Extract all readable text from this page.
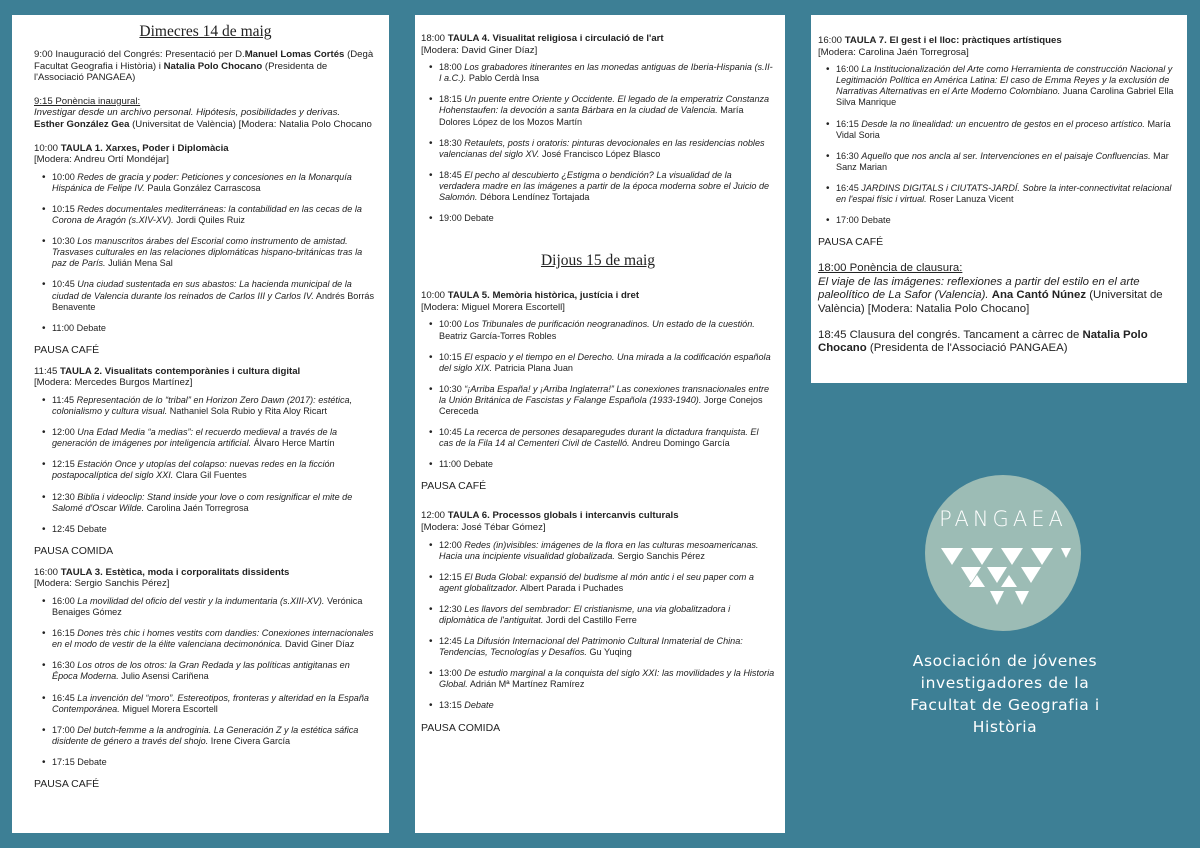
Dimecres 14 de maig

9:00 Inauguració del Congrés: Presentació per D.Manuel Lomas Cortés (Degà Facultat Geografia i Història) i Natalia Polo Chocano (Presidenta de l'Associació PANGAEA)

9:15 Ponència inaugural:
Investigar desde un archivo personal. Hipótesis, posibilidades y derivas.
Esther González Gea (Universitat de València) [Modera: Natalia Polo Chocano

10:00 TAULA 1. Xarxes, Poder i Diplomàcia
[Modera: Andreu Ortí Mondéjar]
• 10:00 Redes de gracia y poder: Peticiones y concesiones en la Monarquía Hispánica de Felipe IV. Paula González Carrascosa
• 10:15 Redes documentales mediterráneas: la contabilidad en las cecas de la Corona de Aragón (s.XIV-XV). Jordi Quiles Ruiz
• 10:30 Los manuscritos árabes del Escorial como instrumento de amistad. Trasvases culturales en las relaciones diplomáticas hispano-británicas tras la paz de París. Julián Mena Sal
• 10:45 Una ciudad sustentada en sus abastos: La hacienda municipal de la ciudad de Valencia durante los reinados de Carlos III y Carlos IV. Andrés Borrás Benavente
• 11:00 Debate

PAUSA CAFÉ

11:45 TAULA 2. Visualitats contemporànies i cultura digital
[Modera: Mercedes Burgos Martínez]
• 11:45 Representación de lo “tribal” en Horizon Zero Dawn (2017): estética, colonialismo y cultura visual. Nathaniel Sola Rubio y Rita Aloy Ricart
• 12:00 Una Edad Media “a medias”: el recuerdo medieval a través de la generación de imágenes por inteligencia artificial. Álvaro Herce Martín
• 12:15 Estación Once y utopías del colapso: nuevas redes en la ficción postapocalíptica del siglo XXI. Clara Gil Fuentes
• 12:30 Biblia i videoclip: Stand inside your love o com resignificar el mite de Salomé d'Oscar Wilde. Carolina Jaén Torregrosa
• 12:45 Debate

PAUSA COMIDA

16:00 TAULA 3. Estètica, moda i corporalitats dissidents
[Modera: Sergio Sanchis Pérez]
• 16:00 La movilidad del oficio del vestir y la indumentaria (s.XIII-XV). Verónica Benaiges Gómez
• 16:15 Dones très chic i homes vestits com dandies: Conexiones internacionales en el modo de vestir de la élite valenciana decimonónica. David Giner Díaz
• 16:30 Los otros de los otros: la Gran Redada y las políticas antigitanas en Época Moderna. Julio Asensi Cariñena
• 16:45 La invención del “moro”. Estereotipos, fronteras y alteridad en la España Contemporánea. Miguel Morera Escortell
• 17:00 Del butch-femme a la androginia. La Generación Z y la estética sáfica disidente de género a través del shojo. Irene Civera García
• 17:15 Debate

PAUSA CAFÉ

18:00 TAULA 4. Visualitat religiosa i circulació de l'art
[Modera: David Giner Díaz]
• 18:00 Los grabadores itinerantes en las monedas antiguas de Iberia-Hispania (s.II-I a.C.). Pablo Cerdà Insa
• 18:15 Un puente entre Oriente y Occidente. El legado de la emperatriz Constanza Hohenstaufen: la devoción a santa Bárbara en la ciudad de Valencia. María Dolores López de los Mozos Martín
• 18:30 Retaulets, posts i oratoris: pinturas devocionales en las residencias nobles valencianas del siglo XV. José Francisco López Blasco
• 18:45 El pecho al descubierto ¿Estigma o bendición? La visualidad de la verdadera madre en las imágenes a partir de la época moderna sobre el Juicio de Salomón. Débora Lendínez Tortajada
• 19:00 Debate
Dijous 15 de maig
10:00 TAULA 5. Memòria històrica, justícia i dret
[Modera: Miguel Morera Escortell]
• 10:00 Los Tribunales de purificación neogranadinos. Un estado de la cuestión. Beatriz García-Torres Robles
• 10:15 El espacio y el tiempo en el Derecho. Una mirada a la codificación española del siglo XIX. Patricia Plana Juan
• 10:30 “¡Arriba España! y ¡Arriba Inglaterra!” Las conexiones transnacionales entre la Unión Británica de Fascistas y Falange Española (1933-1940). Jorge Conejos Cereceda
• 10:45 La recerca de persones desaparegudes durant la dictadura franquista. El cas de la Fila 14 al Cementeri Civil de Castelló. Andreu Domingo García
• 11:00 Debate

PAUSA CAFÉ

12:00 TAULA 6. Processos globals i intercanvis culturals
[Modera: José Tébar Gómez]
• 12:00 Redes (in)visibles: imágenes de la flora en las culturas mesoamericanas. Hacia una incipiente visualidad globalizada. Sergio Sanchis Pérez
• 12:15 El Buda Global: expansió del budisme al món antic i el seu paper com a agent globalitzador. Albert Parada i Puchades
• 12:30 Les llavors del sembrador: El cristianisme, una via globalitzadora i diplomàtica de l'antiguitat. Jordi del Castillo Ferre
• 12:45 La Difusión Internacional del Patrimonio Cultural Inmaterial de China: Tendencias, Tecnologías y Desafíos. Gu Yuqing
• 13:00 De estudio marginal a la conquista del siglo XXI: las movilidades y la Historia Global. Adrián Mª Martínez Ramírez
• 13:15 Debate

PAUSA COMIDA

16:00 TAULA 7. El gest i el lloc: pràctiques artístiques
[Modera: Carolina Jaén Torregrosa]
• 16:00 La Institucionalización del Arte como Herramienta de construcción Nacional y Legitimación Política en América Latina: El caso de Emma Reyes y la exclusión de Narrativas Alternativas en el Arte Moderno Colombiano. Juana Carolina Gabriel Ella Silva Manrique
• 16:15 Desde la no linealidad: un encuentro de gestos en el proceso artístico. María Vidal Soria
• 16:30 Aquello que nos ancla al ser. Intervenciones en el paisaje Confluencias. Mar Sanz Marian
• 16:45 JARDINS DIGITALS i CIUTATS-JARDÍ. Sobre la inter-connectivitat relacional en l'espai físic i virtual. Roser Lanuza Vicent
• 17:00 Debate

PAUSA CAFÉ

18:00 Ponència de clausura:
El viaje de las imágenes: reflexiones a partir del estilo en el arte paleolítico de La Safor (Valencia). Ana Cantó Núnez (Universitat de València) [Modera: Natalia Polo Chocano]

18:45 Clausura del congrés. Tancament a càrrec de Natalia Polo Chocano (Presidenta de l'Associació PANGAEA)

PANGAEA
Asociación de jóvenes
investigadores de la
Facultat de Geografia i
Història
